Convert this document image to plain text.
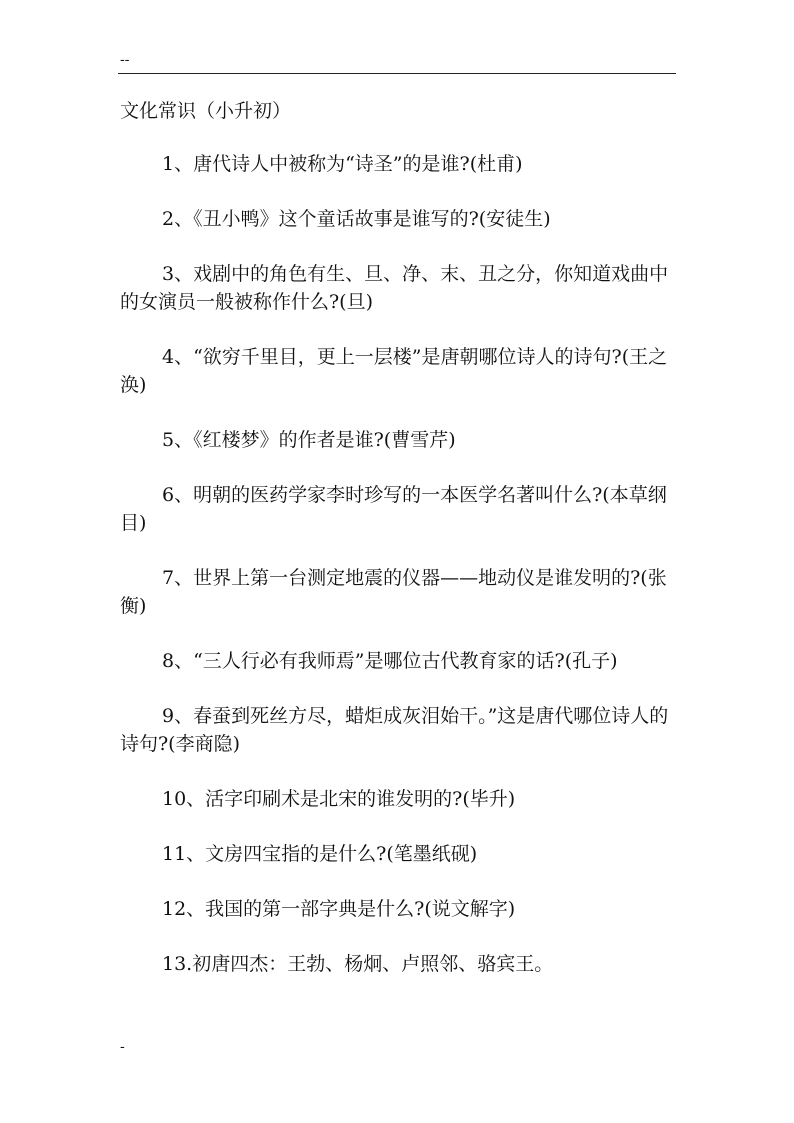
--
文化常识（小升初）
1、唐代诗人中被称为“诗圣”的是谁?(杜甫)
2、《丑小鸭》这个童话故事是谁写的?(安徒生)
3、戏剧中的角色有生、旦、净、末、丑之分，你知道戏曲中的女演员一般被称作什么?(旦)
4、“欲穷千里目，更上一层楼”是唐朝哪位诗人的诗句?(王之涣)
5、《红楼梦》的作者是谁?(曹雪芹)
6、明朝的医药学家李时珍写的一本医学名著叫什么?(本草纲目)
7、世界上第一台测定地震的仪器——地动仪是谁发明的?(张衡)
8、“三人行必有我师焉”是哪位古代教育家的话?(孔子)
9、春蚕到死丝方尽，蜡炬成灰泪始干。”这是唐代哪位诗人的诗句?(李商隐)
10、活字印刷术是北宋的谁发明的?(毕升)
11、文房四宝指的是什么?(笔墨纸砚)
12、我国的第一部字典是什么?(说文解字)
13.初唐四杰：王勃、杨炯、卢照邻、骆宾王。
-
